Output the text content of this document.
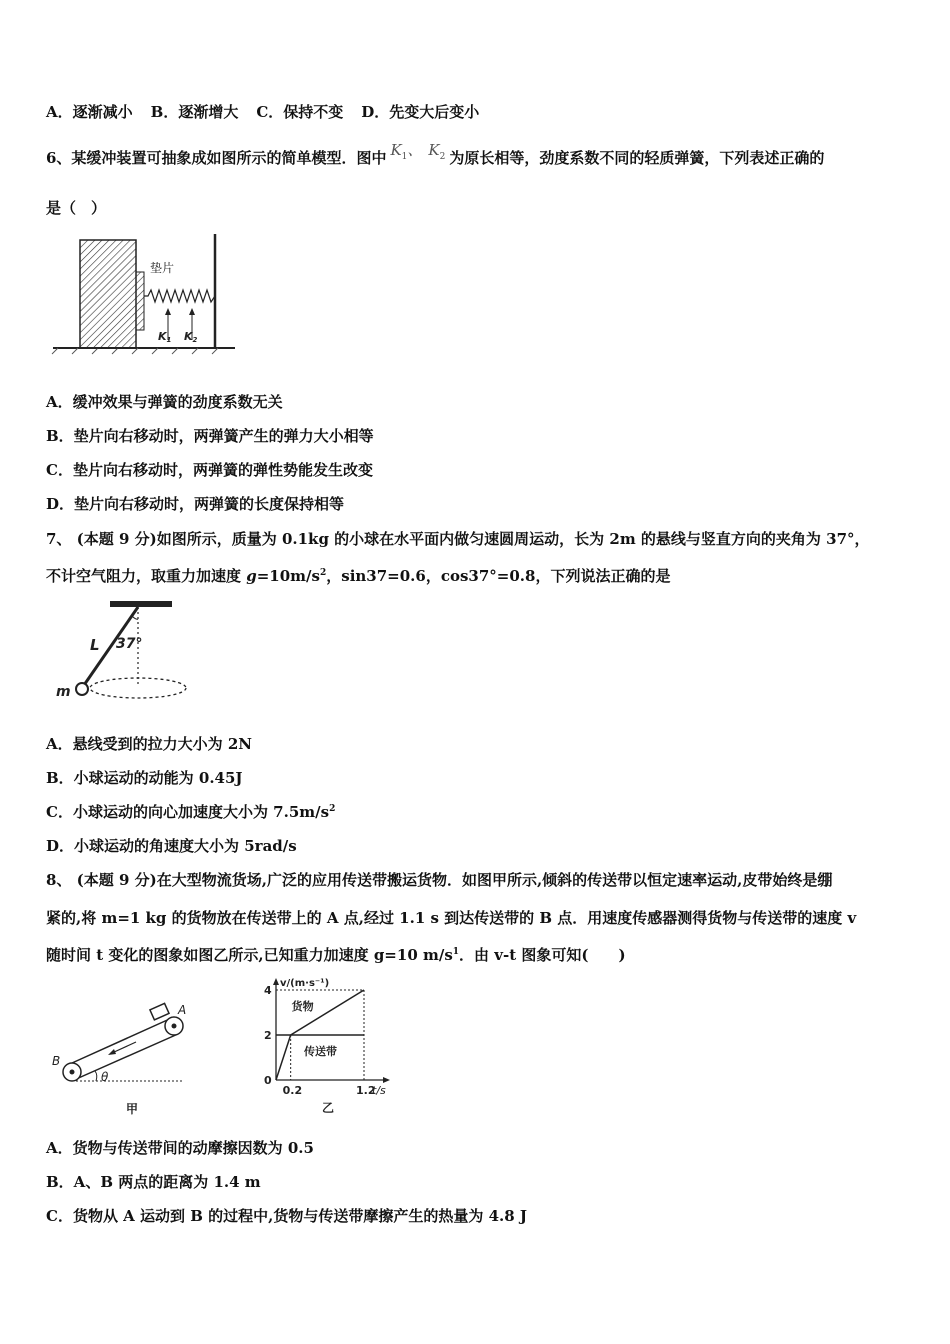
A．逐渐减小 B．逐渐增大 C．保持不变 D．先变大后变小
6、某缓冲装置可抽象成如图所示的简单模型．图中 $K_1$、 $K_2$ 为原长相等，劲度系数不同的轻质弹簧，下列表述正确的
是（　）
垫片
K1 K2
A．缓冲效果与弹簧的劲度系数无关
B．垫片向右移动时，两弹簧产生的弹力大小相等
C．垫片向右移动时，两弹簧的弹性势能发生改变
D．垫片向右移动时，两弹簧的长度保持相等
7、 (本题 9 分)如图所示，质量为 0.1kg 的小球在水平面内做匀速圆周运动，长为 2m 的悬线与竖直方向的夹角为 37°，
不计空气阻力，取重力加速度 $g=10m/s^2$，sin37=0.6，cos37°=0.8，下列说法正确的是
L 37°
m
A．悬线受到的拉力大小为 2N
B．小球运动的动能为 0.45J
C．小球运动的向心加速度大小为 $7.5m/s^2$
D．小球运动的角速度大小为 5rad/s
8、 (本题 9 分)在大型物流货场,广泛的应用传送带搬运货物．如图甲所示,倾斜的传送带以恒定速率运动,皮带始终是绷
紧的,将 m=1 kg 的货物放在传送带上的 A 点,经过 1.1 s 到达传送带的 B 点．用速度传感器测得货物与传送带的速度 v
随时间 t 变化的图象如图乙所示,已知重力加速度 g=10 $m/s^1$．由 v-t 图象可知(　　)
A
B
θ
甲
v/(m·s⁻¹)
t/s
0
4
2
0.2	1.2
货物
传送带
乙
A．货物与传送带间的动摩擦因数为 0.5
B．A、B 两点的距离为 1.4 m
C．货物从 A 运动到 B 的过程中,货物与传送带摩擦产生的热量为 4.8 J
